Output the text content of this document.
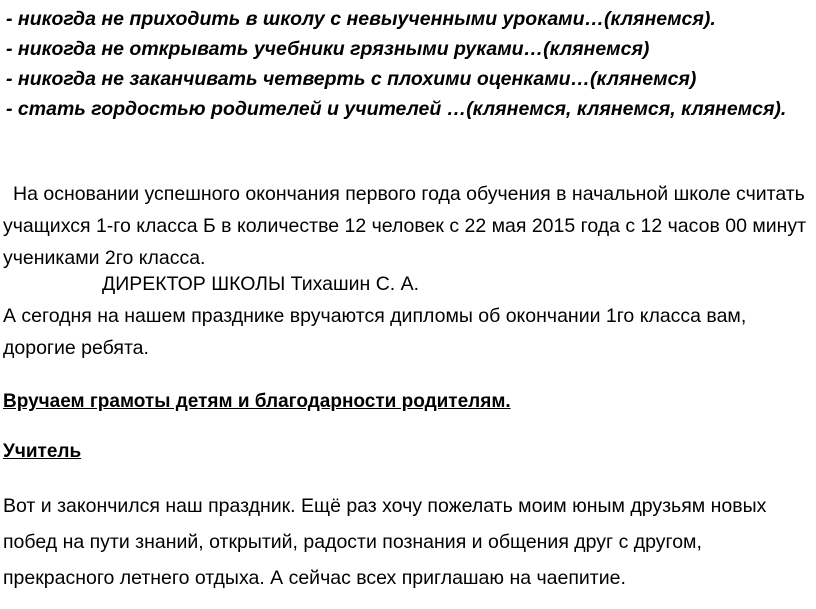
- никогда не приходить в школу с невыученными уроками…(клянемся).
- никогда не открывать учебники грязными руками…(клянемся)
- никогда не заканчивать четверть с плохими оценками…(клянемся)
- стать гордостью родителей и учителей …(клянемся, клянемся, клянемся).

На основании успешного окончания первого года обучения в начальной школе считать учащихся 1-го класса Б в количестве 12 человек с 22 мая 2015 года с 12 часов 00 минут учениками 2го класса.

ДИРЕКТОР ШКОЛЫ Тихашин С. А.

А сегодня на нашем празднике вручаются дипломы об окончании 1го класса вам, дорогие ребята.

Вручаем грамоты детям и благодарности родителям.
Учитель

Вот и закончился наш праздник. Ещё раз хочу пожелать моим юным друзьям новых побед на пути знаний, открытий, радости познания и общения друг с другом, прекрасного летнего отдыха. А сейчас всех приглашаю на чаепитие.
